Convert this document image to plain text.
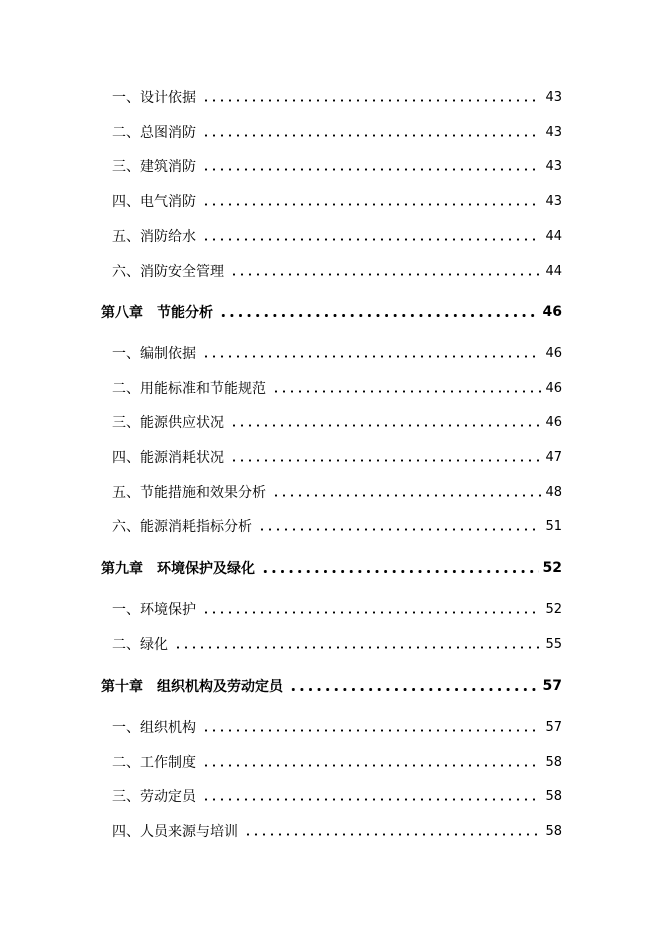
一、 设计依据	43
二、 总图消防	43
三、 建筑消防	43
四、 电气消防	43
五、 消防给水	44
六、 消防安全管理	44
第八章	节能分析	46
一、 编制依据	46
二、 用能标准和节能规范	46
三、 能源供应状况	46
四、 能源消耗状况	47
五、 节能措施和效果分析	48
六、 能源消耗指标分析	51
第九章	环境保护及绿化	52
一、 环境保护	52
二、 绿化	55
第十章	组织机构及劳动定员	57
一、 组织机构	57
二、 工作制度	58
三、 劳动定员	58
四、 人员来源与培训	58
